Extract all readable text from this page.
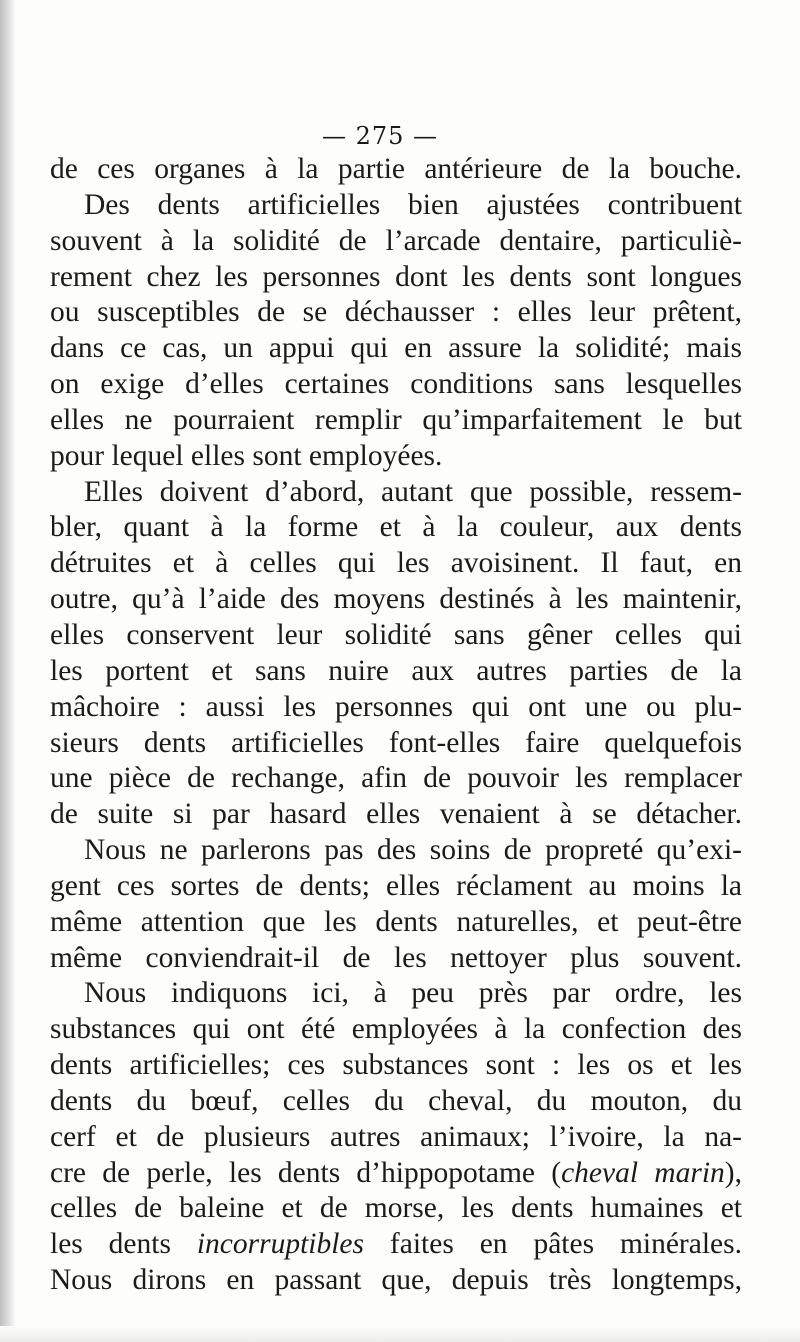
— 275 —
de ces organes à la partie antérieure de la bouche.
Des dents artificielles bien ajustées contribuent
souvent à la solidité de l’arcade dentaire, particuliè-
rement chez les personnes dont les dents sont longues
ou susceptibles de se déchausser : elles leur prêtent,
dans ce cas, un appui qui en assure la solidité; mais
on exige d’elles certaines conditions sans lesquelles
elles ne pourraient remplir qu’imparfaitement le but
pour lequel elles sont employées.
Elles doivent d’abord, autant que possible, ressem-
bler, quant à la forme et à la couleur, aux dents
détruites et à celles qui les avoisinent. Il faut, en
outre, qu’à l’aide des moyens destinés à les maintenir,
elles conservent leur solidité sans gêner celles qui
les portent et sans nuire aux autres parties de la
mâchoire : aussi les personnes qui ont une ou plu-
sieurs dents artificielles font-elles faire quelquefois
une pièce de rechange, afin de pouvoir les remplacer
de suite si par hasard elles venaient à se détacher.
Nous ne parlerons pas des soins de propreté qu’exi-
gent ces sortes de dents; elles réclament au moins la
même attention que les dents naturelles, et peut-être
même conviendrait-il de les nettoyer plus souvent.
Nous indiquons ici, à peu près par ordre, les
substances qui ont été employées à la confection des
dents artificielles; ces substances sont : les os et les
dents du bœuf, celles du cheval, du mouton, du
cerf et de plusieurs autres animaux; l’ivoire, la na-
cre de perle, les dents d’hippopotame (cheval marin),
celles de baleine et de morse, les dents humaines et
les dents incorruptibles faites en pâtes minérales.
Nous dirons en passant que, depuis très longtemps,
